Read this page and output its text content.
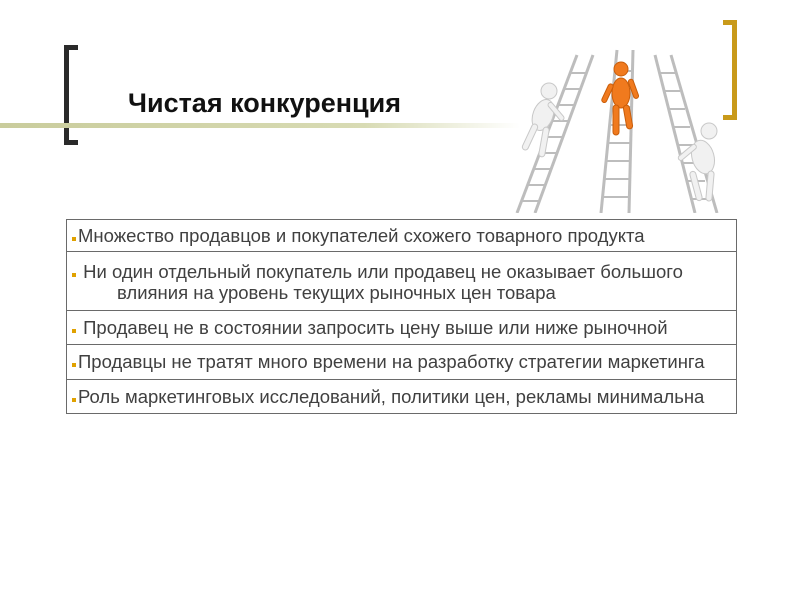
Чистая конкуренция
Множество продавцов и покупателей схожего товарного продукта
Ни один отдельный покупатель или продавец не оказывает большого влияния на уровень текущих рыночных цен товара
Продавец не в состоянии запросить цену выше или ниже рыночной
Продавцы не тратят много времени на разработку стратегии маркетинга
Роль маркетинговых исследований, политики цен, рекламы минимальна
